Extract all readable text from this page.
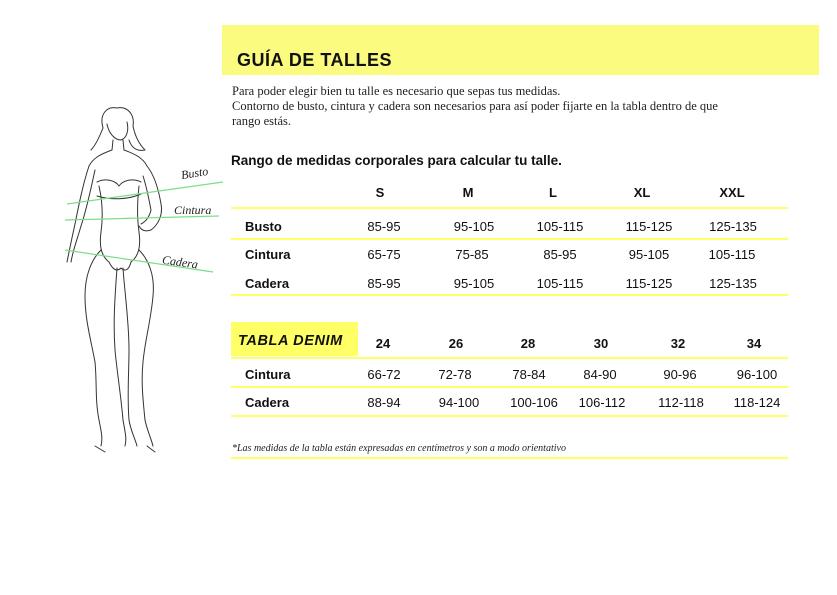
GUÍA DE TALLES
Para poder elegir bien tu talle es necesario que sepas tus medidas.
Contorno de busto, cintura y cadera son necesarios para así poder fijarte en la tabla dentro de que
rango estás.
Busto
Cintura
Cadera
Rango de medidas corporales para calcular tu talle.
S	M	L	XL	XXL
Busto	85-95	95-105	105-115	115-125	125-135
Cintura	65-75	75-85	85-95	95-105	105-115
Cadera	85-95	95-105	105-115	115-125	125-135
TABLA DENIM	24	26	28	30	32	34
Cintura	66-72	72-78	78-84	84-90	90-96	96-100
Cadera	88-94	94-100 100-106 106-112	112-118 118-124
*Las medidas de la tabla están expresadas en centímetros y son a modo orientativo
